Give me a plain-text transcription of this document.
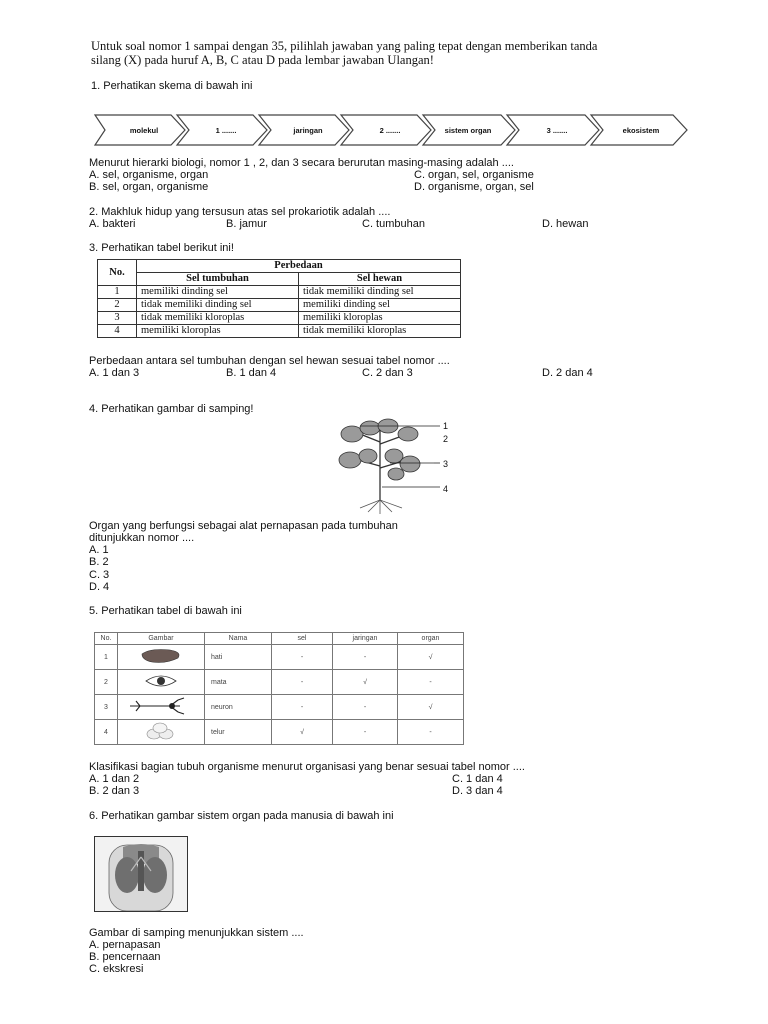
Untuk soal nomor 1 sampai dengan 35, pilihlah jawaban yang paling tepat dengan memberikan tanda
silang (X) pada huruf A, B, C atau D pada lembar jawaban Ulangan!
1. Perhatikan skema di bawah ini
molekul	1 .......	jaringan	2 .......	sistem organ	3 .......	ekosistem
Menurut hierarki biologi, nomor 1 , 2, dan 3 secara berurutan masing-masing adalah ....
A. sel, organisme, organ
B. sel, organ, organisme
C. organ, sel, organisme
D. organisme, organ, sel
2. Makhluk hidup yang tersusun atas sel prokariotik adalah ....
A. bakteri	B. jamur	C. tumbuhan	D. hewan
3. Perhatikan tabel berikut ini!
No.	Perbedaan	
	Sel tumbuhan	Sel hewan
1	memiliki dinding sel	tidak memiliki dinding sel
2	tidak memiliki dinding sel	memiliki dinding sel
3	tidak memiliki kloroplas	memiliki kloroplas
4	memiliki kloroplas	tidak memiliki kloroplas
Perbedaan antara sel tumbuhan dengan sel hewan sesuai tabel nomor ....
A. 1 dan 3	B. 1 dan 4	C. 2 dan 3	D. 2 dan 4
4. Perhatikan gambar di samping!
1
2
3
4
Organ yang berfungsi sebagai alat pernapasan pada tumbuhan
ditunjukkan nomor ....
A. 1
B. 2
C. 3
D. 4
5. Perhatikan tabel di bawah ini
No.	Gambar	Nama	sel	jaringan	organ
1		hati	-	-	√
2		mata	-	√	-
3		neuron	-	-	√
4		telur	√	-	-
Klasifikasi bagian tubuh organisme menurut organisasi yang benar sesuai tabel nomor ....
A. 1 dan 2
B. 2 dan 3
C. 1 dan 4
D. 3 dan 4
6. Perhatikan gambar sistem organ pada manusia di bawah ini
Gambar di samping menunjukkan sistem ....
A. pernapasan
B. pencernaan
C. ekskresi
